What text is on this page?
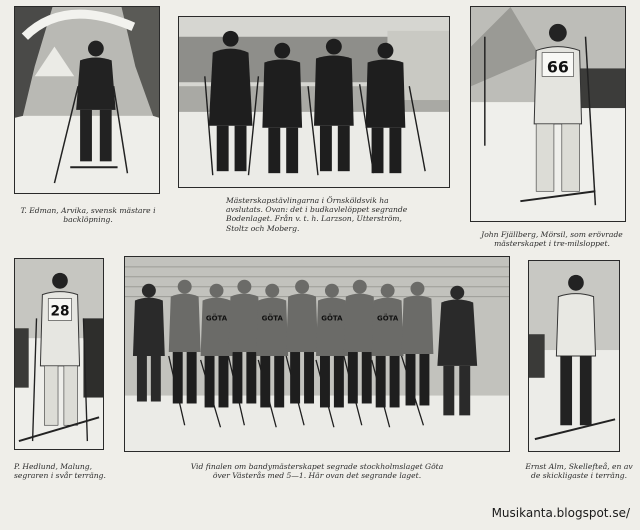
66

T. Edman, Arvika, svensk mästare i backlöpning.

Mästerskapstävlingarna i Örnsköldsvik ha avslutats. Ovan: det i budkavlelöppet segrande Bodenlaget. Från v. t. h. Larzson, Utterström, Stoltz och Moberg.

John Fjällberg, Mörsil, som erövrade mästerskapet i tre-milsloppet.

28	GÖTA	GÖTA	GÖTA	GÖTA

P. Hedlund, Malung, segraren i svår terräng.

Vid finalen om bandymästerskapet segrade stockholmslaget Göta över Västerås med 5—1. Här ovan det segrande laget.

Ernst Alm, Skellefteå, en av de skickligaste i terräng.

Musikanta.blogspot.se/
